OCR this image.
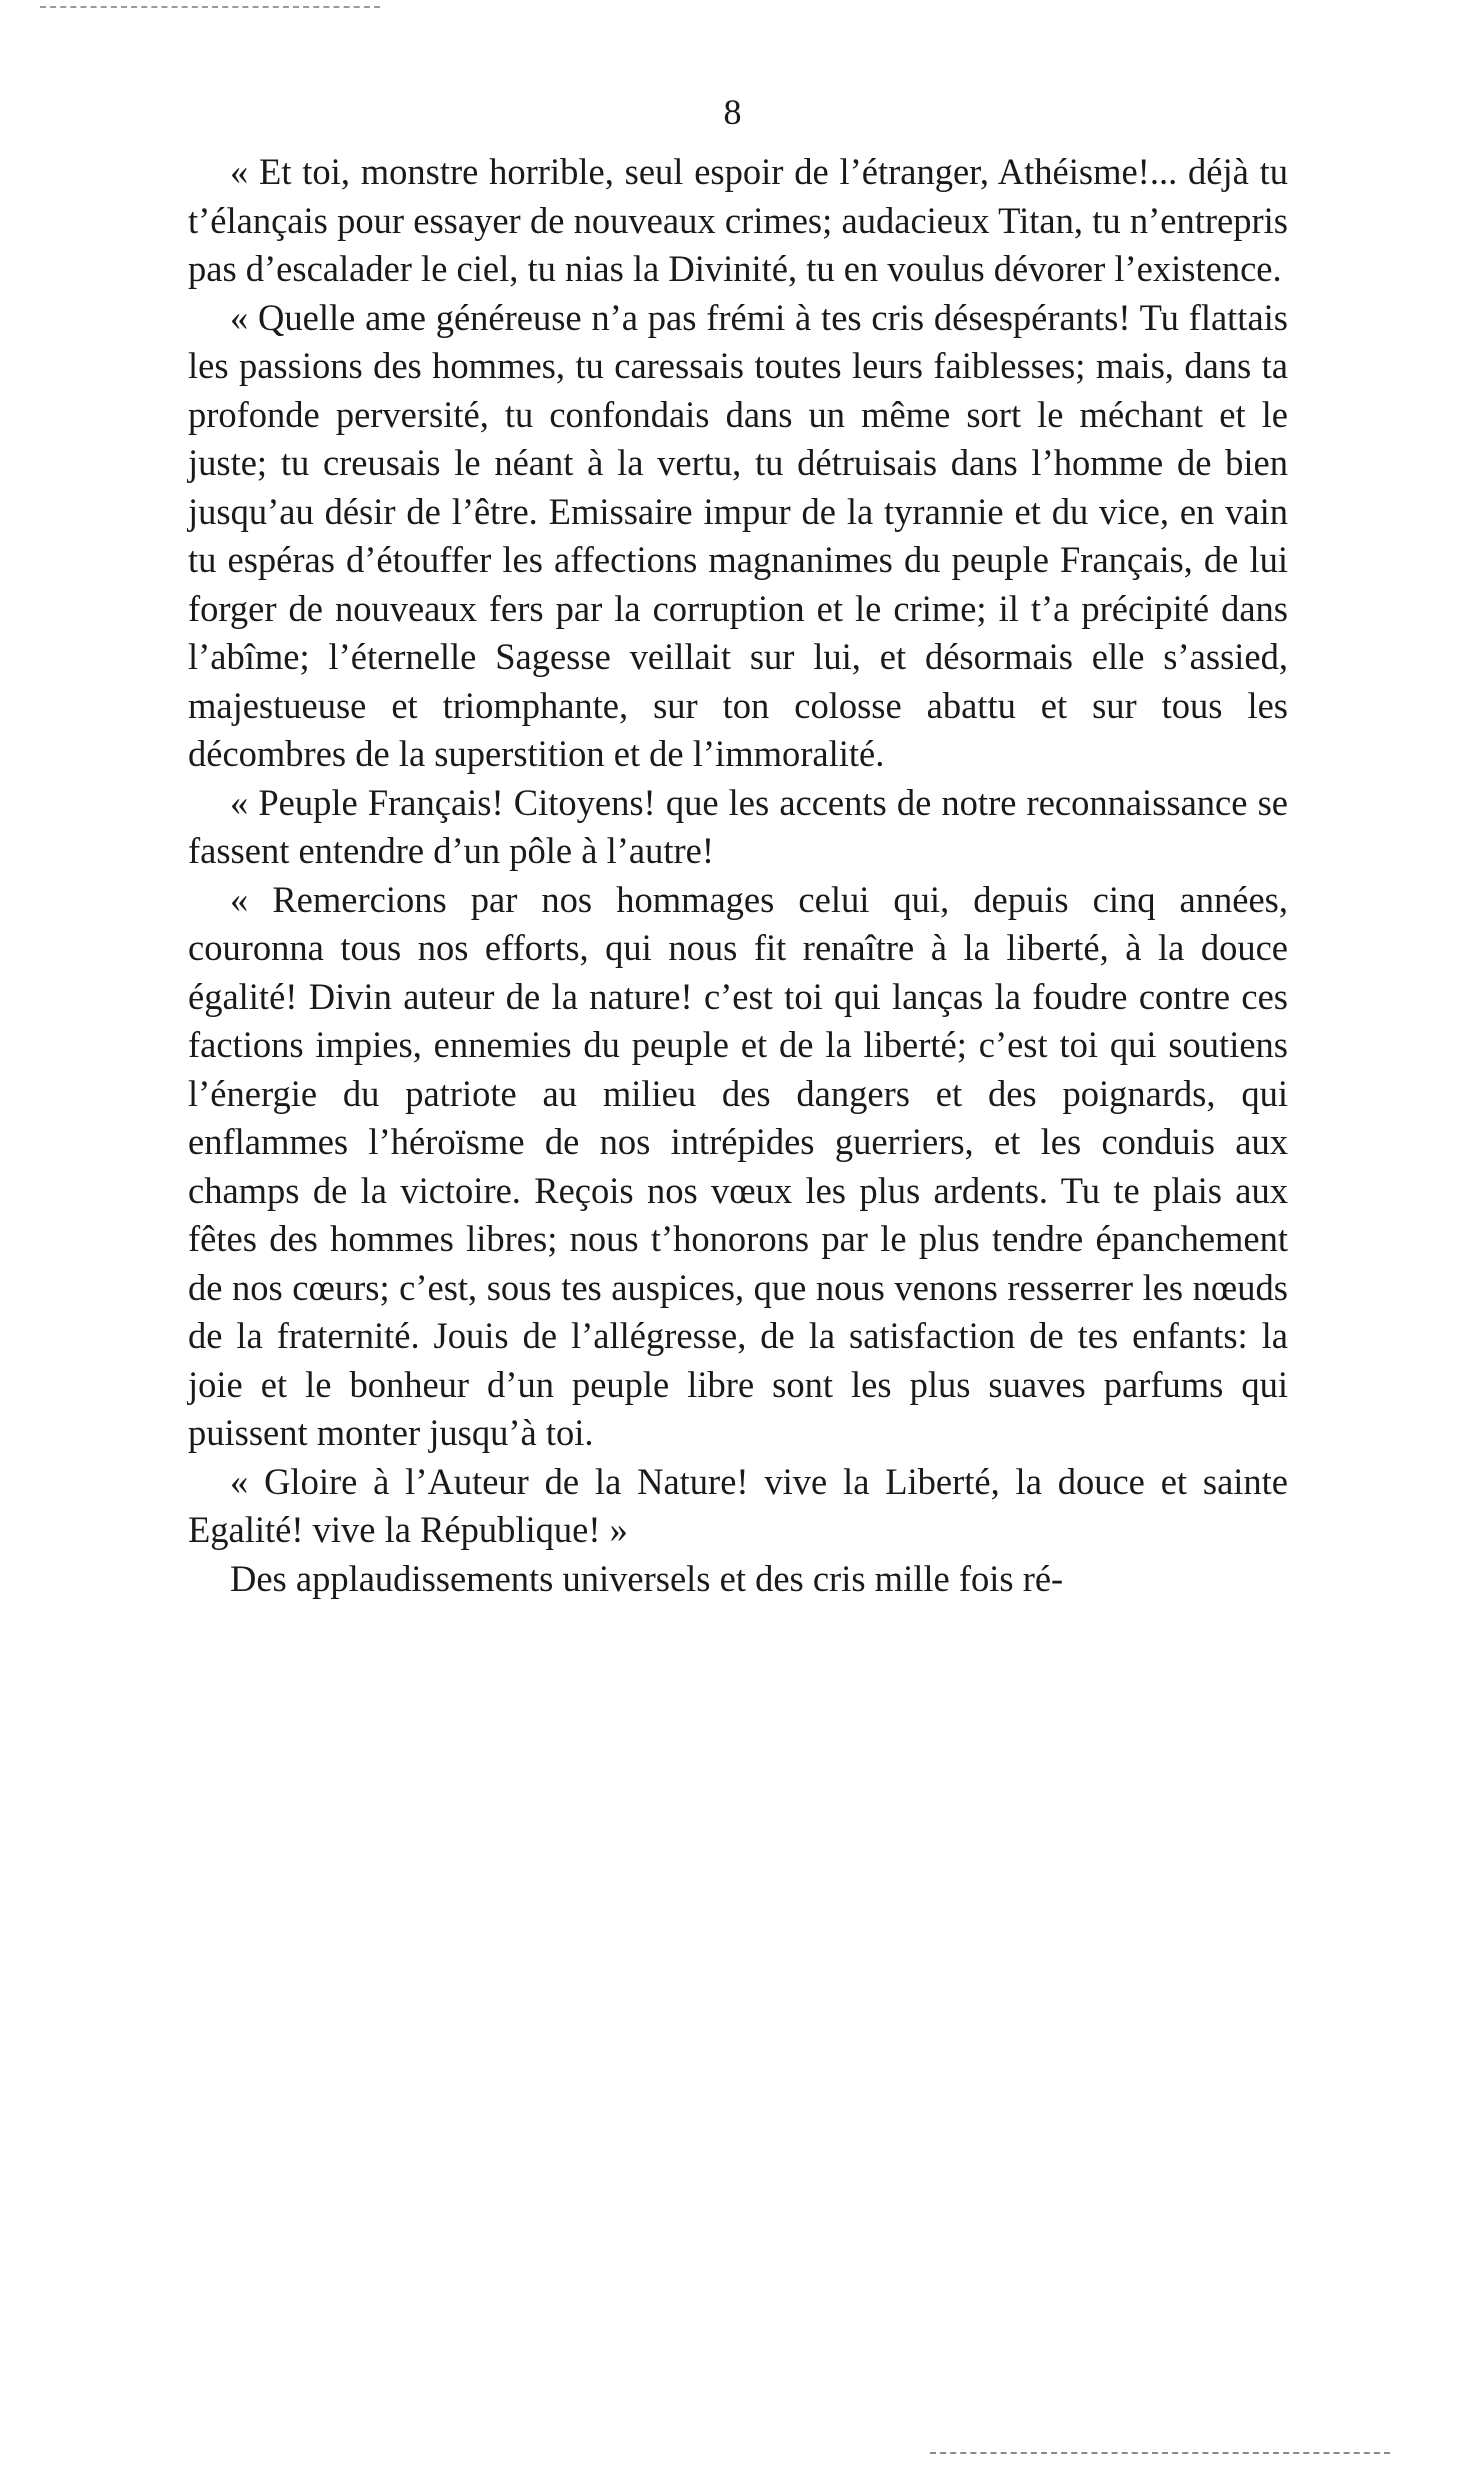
8

« Et toi, monstre horrible, seul espoir de l’étranger, Athéisme!... déjà tu t’élançais pour essayer de nouveaux crimes; audacieux Titan, tu n’entrepris pas d’escalader le ciel, tu nias la Divinité, tu en voulus dévorer l’existence.

« Quelle ame généreuse n’a pas frémi à tes cris désespérants! Tu flattais les passions des hommes, tu caressais toutes leurs faiblesses; mais, dans ta profonde perversité, tu confondais dans un même sort le méchant et le juste; tu creusais le néant à la vertu, tu détruisais dans l’homme de bien jusqu’au désir de l’être. Emissaire impur de la tyrannie et du vice, en vain tu espéras d’étouffer les affections magnanimes du peuple Français, de lui forger de nouveaux fers par la corruption et le crime; il t’a précipité dans l’abîme; l’éternelle Sagesse veillait sur lui, et désormais elle s’assied, majestueuse et triomphante, sur ton colosse abattu et sur tous les décombres de la superstition et de l’immoralité.

« Peuple Français! Citoyens! que les accents de notre reconnaissance se fassent entendre d’un pôle à l’autre!

« Remercions par nos hommages celui qui, depuis cinq années, couronna tous nos efforts, qui nous fit renaître à la liberté, à la douce égalité! Divin auteur de la nature! c’est toi qui lanças la foudre contre ces factions impies, ennemies du peuple et de la liberté; c’est toi qui soutiens l’énergie du patriote au milieu des dangers et des poignards, qui enflammes l’héroïsme de nos intrépides guerriers, et les conduis aux champs de la victoire. Reçois nos vœux les plus ardents. Tu te plais aux fêtes des hommes libres; nous t’honorons par le plus tendre épanchement de nos cœurs; c’est, sous tes auspices, que nous venons resserrer les nœuds de la fraternité. Jouis de l’allégresse, de la satisfaction de tes enfants: la joie et le bonheur d’un peuple libre sont les plus suaves parfums qui puissent monter jusqu’à toi.

« Gloire à l’Auteur de la Nature! vive la Liberté, la douce et sainte Egalité! vive la République! »

Des applaudissements universels et des cris mille fois ré-
